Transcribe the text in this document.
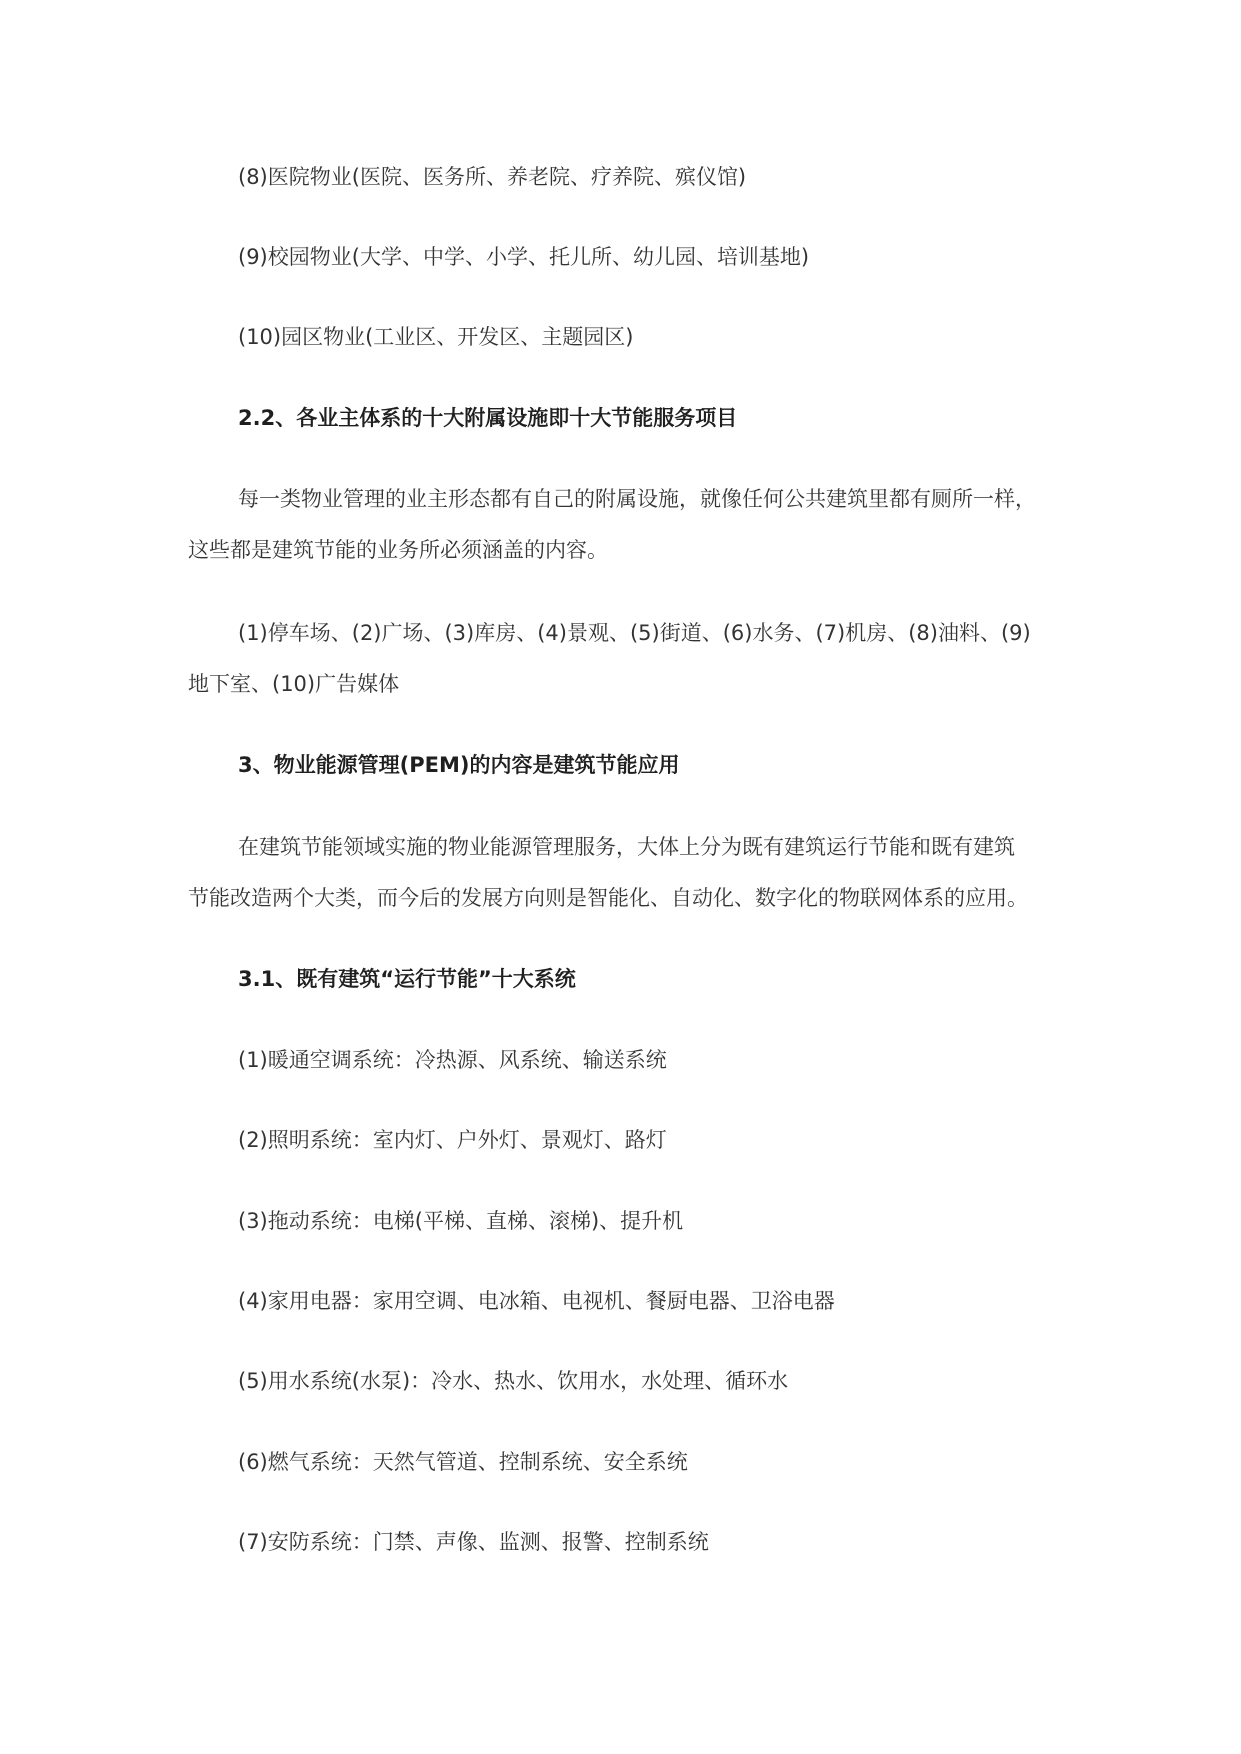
(8)医院物业(医院、医务所、养老院、疗养院、殡仪馆)

(9)校园物业(大学、中学、小学、托儿所、幼儿园、培训基地)

(10)园区物业(工业区、开发区、主题园区)

2.2、各业主体系的十大附属设施即十大节能服务项目

每一类物业管理的业主形态都有自己的附属设施，就像任何公共建筑里都有厕所一样，

这些都是建筑节能的业务所必须涵盖的内容。

(1)停车场、(2)广场、(3)库房、(4)景观、(5)街道、(6)水务、(7)机房、(8)油料、(9)

地下室、(10)广告媒体

3、物业能源管理(PEM)的内容是建筑节能应用

在建筑节能领域实施的物业能源管理服务，大体上分为既有建筑运行节能和既有建筑

节能改造两个大类，而今后的发展方向则是智能化、自动化、数字化的物联网体系的应用。

3.1、既有建筑“运行节能”十大系统

(1)暖通空调系统：冷热源、风系统、输送系统

(2)照明系统：室内灯、户外灯、景观灯、路灯

(3)拖动系统：电梯(平梯、直梯、滚梯)、提升机

(4)家用电器：家用空调、电冰箱、电视机、餐厨电器、卫浴电器

(5)用水系统(水泵)：冷水、热水、饮用水，水处理、循环水

(6)燃气系统：天然气管道、控制系统、安全系统

(7)安防系统：门禁、声像、监测、报警、控制系统
